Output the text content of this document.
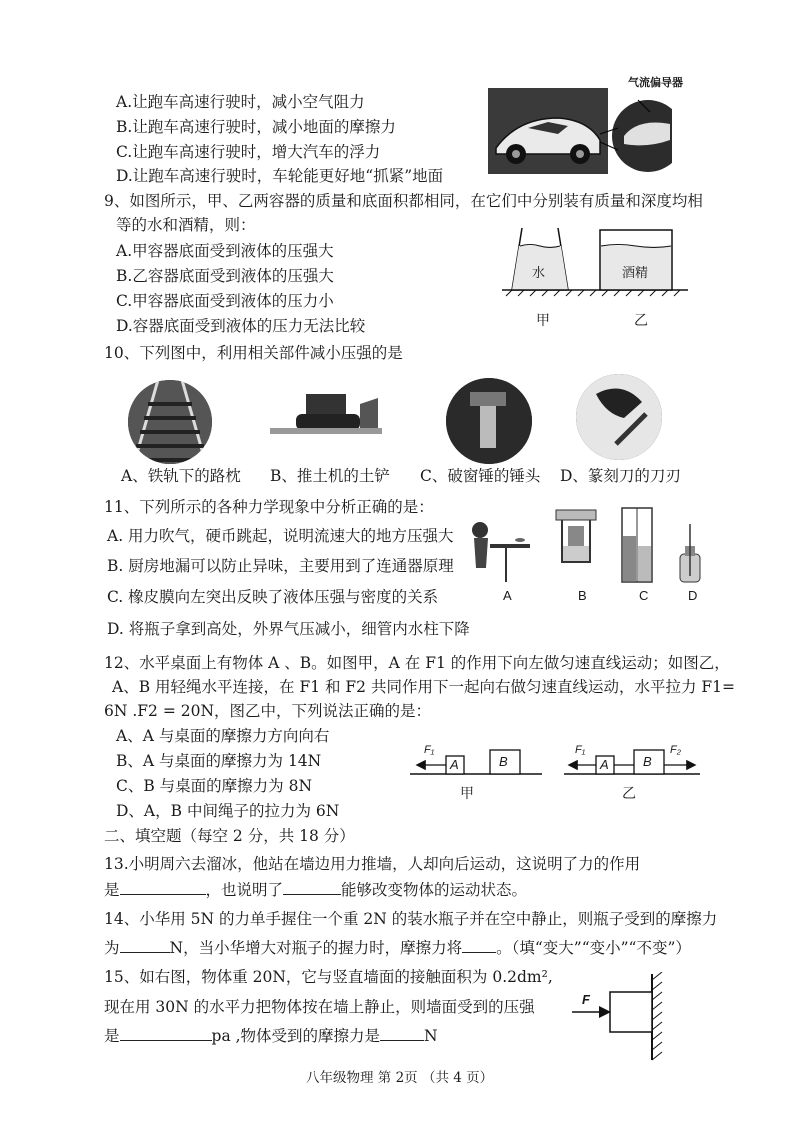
A.让跑车高速行驶时，减小空气阻力
B.让跑车高速行驶时，减小地面的摩擦力
C.让跑车高速行驶时，增大汽车的浮力
D.让跑车高速行驶时，车轮能更好地“抓紧”地面
气流偏导器
9、如图所示，甲、乙两容器的质量和底面积都相同，在它们中分别装有质量和深度均相
等的水和酒精，则：
A.甲容器底面受到液体的压强大
B.乙容器底面受到液体的压强大
C.甲容器底面受到液体的压力小
D.容器底面受到液体的压力无法比较
水	酒精
甲	乙
10、下列图中，利用相关部件减小压强的是
A、铁轨下的路枕 B、推土机的土铲 C、破窗锤的锤头 D、篆刻刀的刀刃
11、下列所示的各种力学现象中分析正确的是：
A. 用力吹气，硬币跳起，说明流速大的地方压强大
B. 厨房地漏可以防止异味，主要用到了连通器原理
C. 橡皮膜向左突出反映了液体压强与密度的关系
D. 将瓶子拿到高处，外界气压减小，细管内水柱下降
A	B	C	D
12、水平桌面上有物体 A 、B。如图甲，A 在 F1 的作用下向左做匀速直线运动；如图乙，
A、B 用轻绳水平连接，在 F1 和 F2 共同作用下一起向右做匀速直线运动，水平拉力 F1=
6N .F2 = 20N，图乙中，下列说法正确的是：
A、A 与桌面的摩擦力方向向右
B、A 与桌面的摩擦力为 14N
C、B 与桌面的摩擦力为 8N
D、A，B 中间绳子的拉力为 6N
A	B
F₁
A	B
F₁	F₂
甲	乙
二、填空题（每空 2 分，共 18 分）
13.小明周六去溜冰，他站在墙边用力推墙，人却向后运动，这说明了力的作用
是	，也说明了	能够改变物体的运动状态。
14、小华用 5N 的力单手握住一个重 2N 的装水瓶子并在空中静止，则瓶子受到的摩擦力
为	N，当小华增大对瓶子的握力时，摩擦力将 。（填“变大”“变小”“不变”）
15、如右图，物体重 20N，它与竖直墙面的接触面积为 0.2dm²,
现在用 30N 的水平力把物体按在墙上静止，则墙面受到的压强
是	pa ,物体受到的摩擦力是	N
F
八年级物理 第 2页 （共 4 页）
